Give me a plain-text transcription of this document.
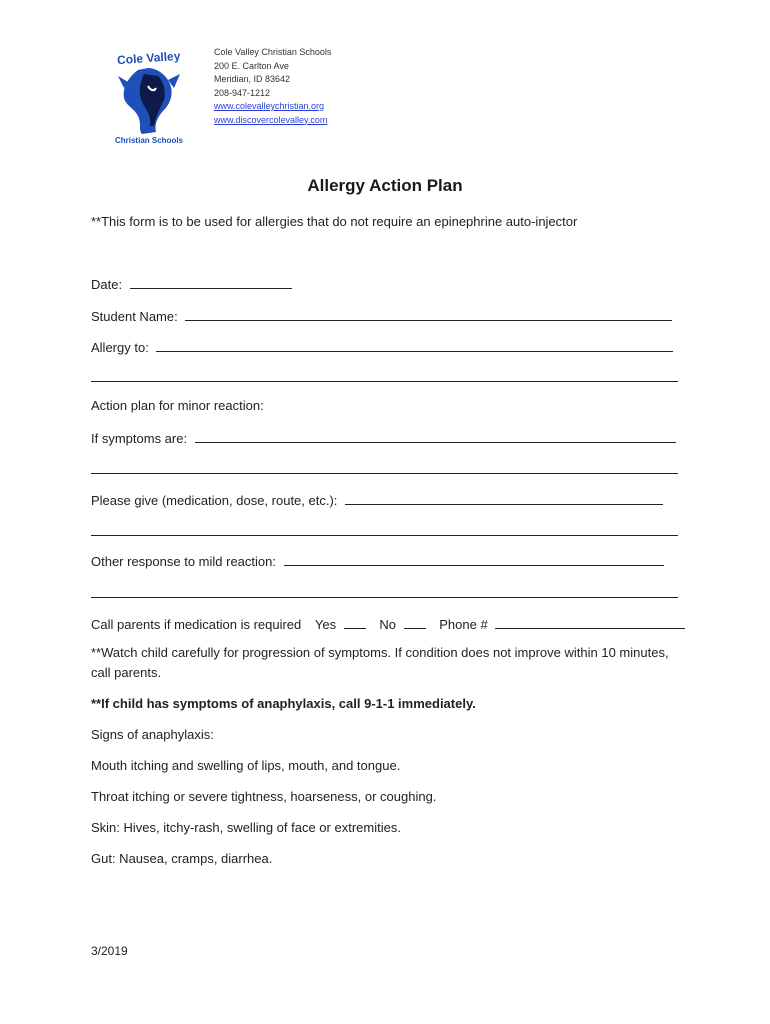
Cole Valley
Christian Schools
Cole Valley Christian Schools
200 E. Carlton Ave
Meridian, ID 83642
208-947-1212
www.colevalleychristian.org
www.discovercolevalley.com
Allergy Action Plan
**This form is to be used for allergies that do not require an epinephrine auto-injector
Date:
Student Name:
Allergy to:
Action plan for minor reaction:
If symptoms are:
Please give (medication, dose, route, etc.):
Other response to mild reaction:
Call parents if medication is required Yes	No	Phone #
**Watch child carefully for progression of symptoms. If condition does not improve within 10 minutes, call parents.
**If child has symptoms of anaphylaxis, call 9-1-1 immediately.
Signs of anaphylaxis:
Mouth itching and swelling of lips, mouth, and tongue.
Throat itching or severe tightness, hoarseness, or coughing.
Skin: Hives, itchy-rash, swelling of face or extremities.
Gut: Nausea, cramps, diarrhea.
3/2019
